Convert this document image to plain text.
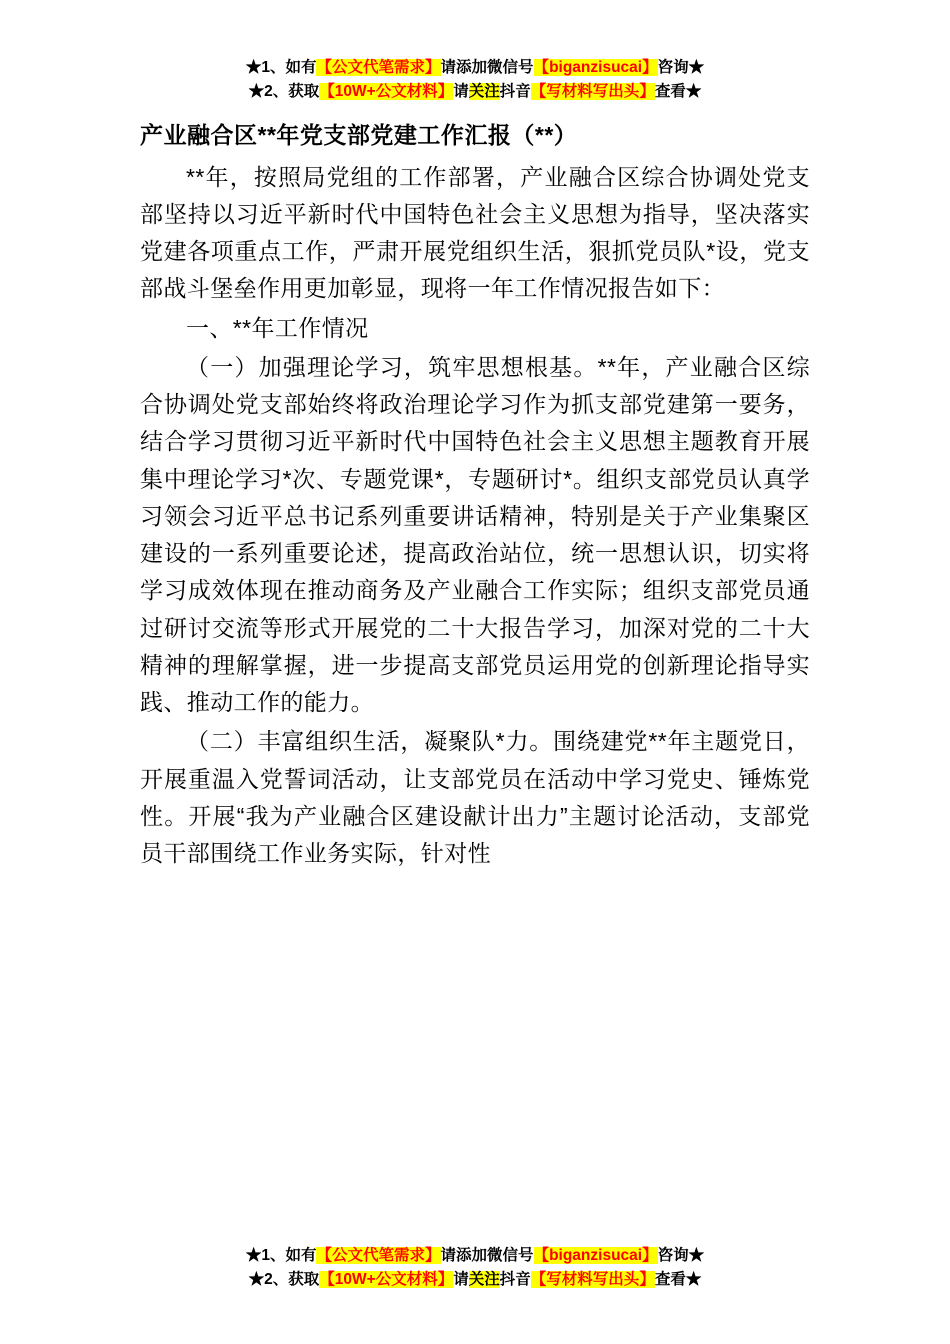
★1、如有【公文代笔需求】请添加微信号【biganzisucai】咨询★
★2、获取【10W+公文材料】请关注抖音【写材料写出头】查看★
产业融合区**年党支部党建工作汇报（**）

**年，按照局党组的工作部署，产业融合区综合协调处党支部坚持以习近平新时代中国特色社会主义思想为指导，坚决落实党建各项重点工作，严肃开展党组织生活，狠抓党员队*设，党支部战斗堡垒作用更加彰显，现将一年工作情况报告如下：

一、**年工作情况

（一）加强理论学习，筑牢思想根基。**年，产业融合区综合协调处党支部始终将政治理论学习作为抓支部党建第一要务，结合学习贯彻习近平新时代中国特色社会主义思想主题教育开展集中理论学习*次、专题党课*，专题研讨*。组织支部党员认真学习领会习近平总书记系列重要讲话精神，特别是关于产业集聚区建设的一系列重要论述，提高政治站位，统一思想认识，切实将学习成效体现在推动商务及产业融合工作实际；组织支部党员通过研讨交流等形式开展党的二十大报告学习，加深对党的二十大精神的理解掌握，进一步提高支部党员运用党的创新理论指导实践、推动工作的能力。

（二）丰富组织生活，凝聚队*力。围绕建党**年主题党日，开展重温入党誓词活动，让支部党员在活动中学习党史、锤炼党性。开展“我为产业融合区建设献计出力”主题讨论活动，支部党员干部围绕工作业务实际，针对性

★1、如有【公文代笔需求】请添加微信号【biganzisucai】咨询★
★2、获取【10W+公文材料】请关注抖音【写材料写出头】查看★
